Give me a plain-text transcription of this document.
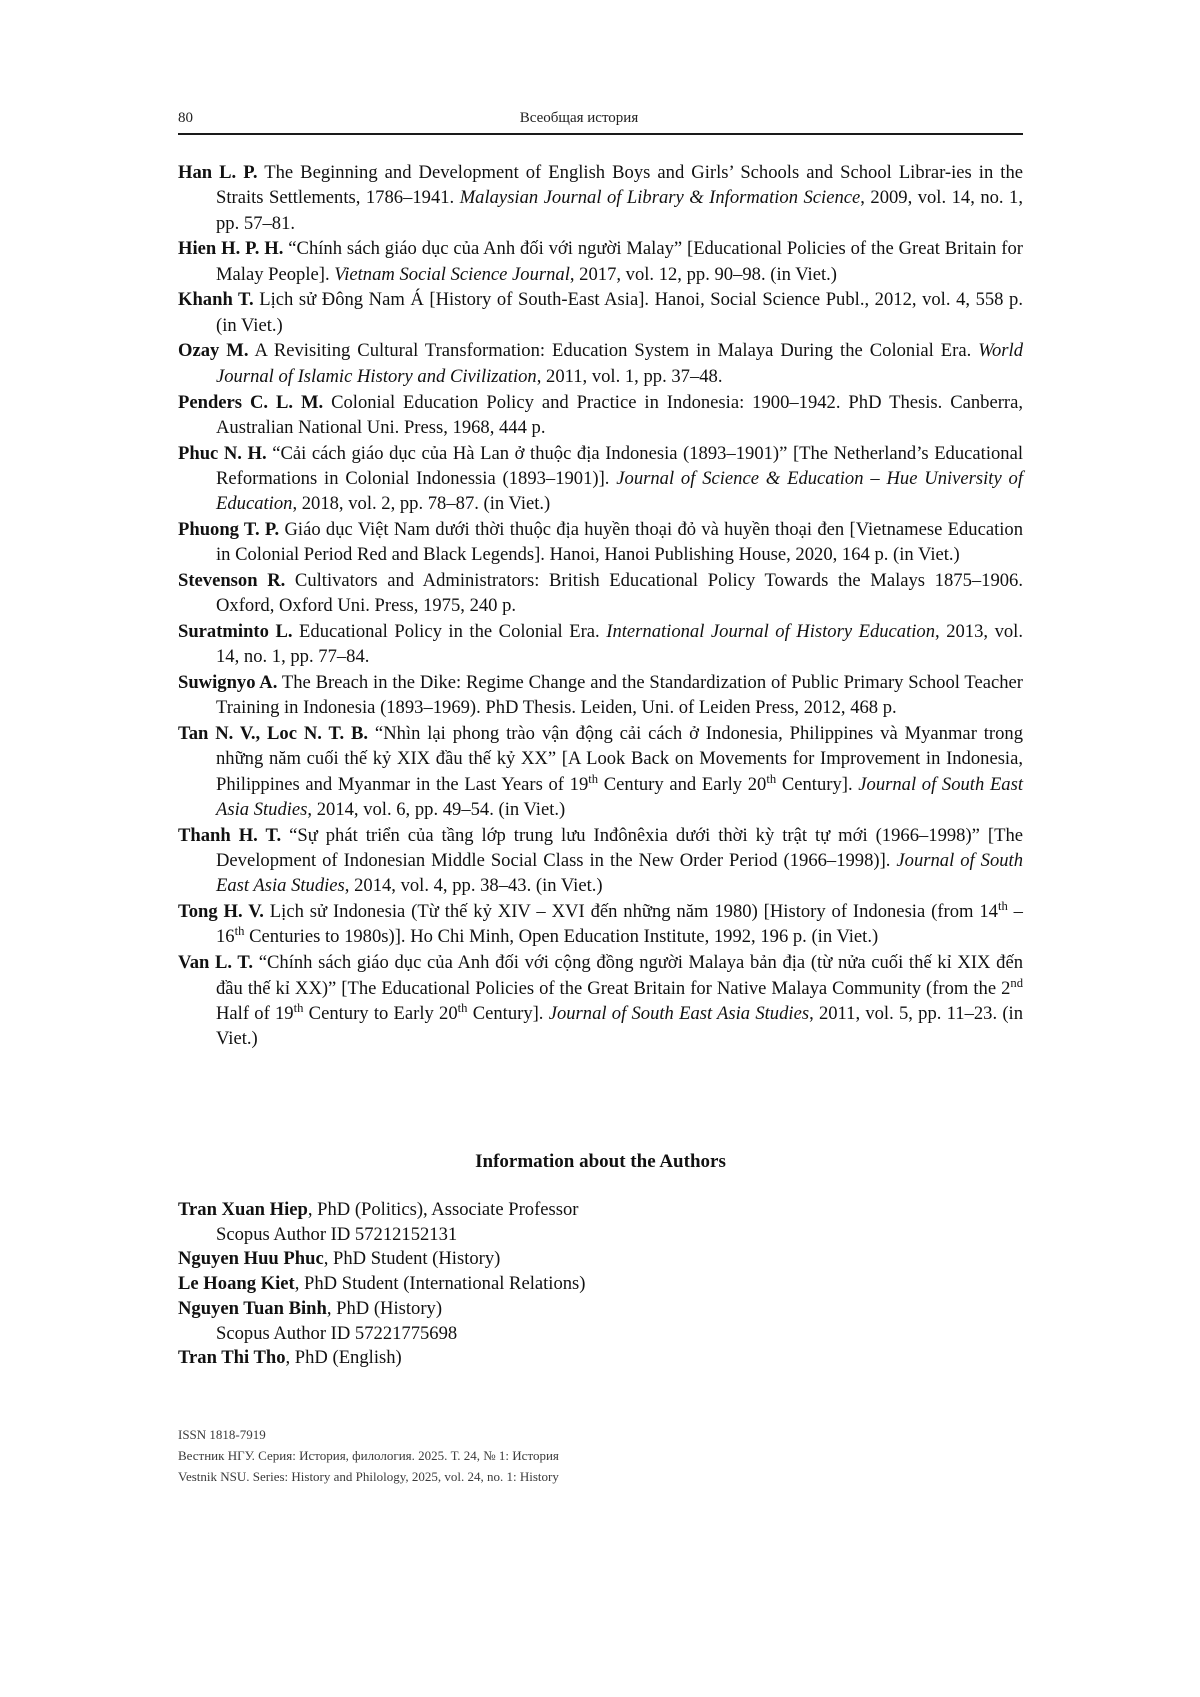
80	Всеобщая история

Han L. P. The Beginning and Development of English Boys and Girls’ Schools and School Librar-ies in the Straits Settlements, 1786–1941. Malaysian Journal of Library & Information Science, 2009, vol. 14, no. 1, pp. 57–81.

Hien H. P. H. “Chính sách giáo dục của Anh đối với người Malay” [Educational Policies of the Great Britain for Malay People]. Vietnam Social Science Journal, 2017, vol. 12, pp. 90–98. (in Viet.)

Khanh T. Lịch sử Đông Nam Á [History of South-East Asia]. Hanoi, Social Science Publ., 2012, vol. 4, 558 p. (in Viet.)

Ozay M. A Revisiting Cultural Transformation: Education System in Malaya During the Colonial Era. World Journal of Islamic History and Civilization, 2011, vol. 1, pp. 37–48.

Penders C. L. M. Colonial Education Policy and Practice in Indonesia: 1900–1942. PhD Thesis. Canberra, Australian National Uni. Press, 1968, 444 p.

Phuc N. H. “Cải cách giáo dục của Hà Lan ở thuộc địa Indonesia (1893–1901)” [The Netherland’s Educational Reformations in Colonial Indonessia (1893–1901)]. Journal of Science & Education – Hue University of Education, 2018, vol. 2, pp. 78–87. (in Viet.)

Phuong T. P. Giáo dục Việt Nam dưới thời thuộc địa huyền thoại đỏ và huyền thoại đen [Vietnamese Education in Colonial Period Red and Black Legends]. Hanoi, Hanoi Publishing House, 2020, 164 p. (in Viet.)

Stevenson R. Cultivators and Administrators: British Educational Policy Towards the Malays 1875–1906. Oxford, Oxford Uni. Press, 1975, 240 p.

Suratminto L. Educational Policy in the Colonial Era. International Journal of History Education, 2013, vol. 14, no. 1, pp. 77–84.

Suwignyo A. The Breach in the Dike: Regime Change and the Standardization of Public Primary School Teacher Training in Indonesia (1893–1969). PhD Thesis. Leiden, Uni. of Leiden Press, 2012, 468 p.

Tan N. V., Loc N. T. B. “Nhìn lại phong trào vận động cải cách ở Indonesia, Philippines và Myanmar trong những năm cuối thế kỷ XIX đầu thế kỷ XX” [A Look Back on Movements for Improvement in Indonesia, Philippines and Myanmar in the Last Years of 19th Century and Early 20th Century]. Journal of South East Asia Studies, 2014, vol. 6, pp. 49–54. (in Viet.)

Thanh H. T. “Sự phát triển của tầng lớp trung lưu Inđônêxia dưới thời kỳ trật tự mới (1966–1998)” [The Development of Indonesian Middle Social Class in the New Order Period (1966–1998)]. Journal of South East Asia Studies, 2014, vol. 4, pp. 38–43. (in Viet.)

Tong H. V. Lịch sử Indonesia (Từ thế kỷ XIV – XVI đến những năm 1980) [History of Indonesia (from 14th – 16th Centuries to 1980s)]. Ho Chi Minh, Open Education Institute, 1992, 196 p. (in Viet.)

Van L. T. “Chính sách giáo dục của Anh đối với cộng đồng người Malaya bản địa (từ nửa cuối thế kỉ XIX đến đầu thế kỉ XX)” [The Educational Policies of the Great Britain for Native Malaya Community (from the 2nd Half of 19th Century to Early 20th Century]. Journal of South East Asia Studies, 2011, vol. 5, pp. 11–23. (in Viet.)

Information about the Authors

Tran Xuan Hiep, PhD (Politics), Associate Professor

Scopus Author ID 57212152131

Nguyen Huu Phuc, PhD Student (History)

Le Hoang Kiet, PhD Student (International Relations)

Nguyen Tuan Binh, PhD (History)

Scopus Author ID 57221775698

Tran Thi Tho, PhD (English)

ISSN 1818-7919
Вестник НГУ. Серия: История, филология. 2025. Т. 24, № 1: История
Vestnik NSU. Series: History and Philology, 2025, vol. 24, no. 1: History
